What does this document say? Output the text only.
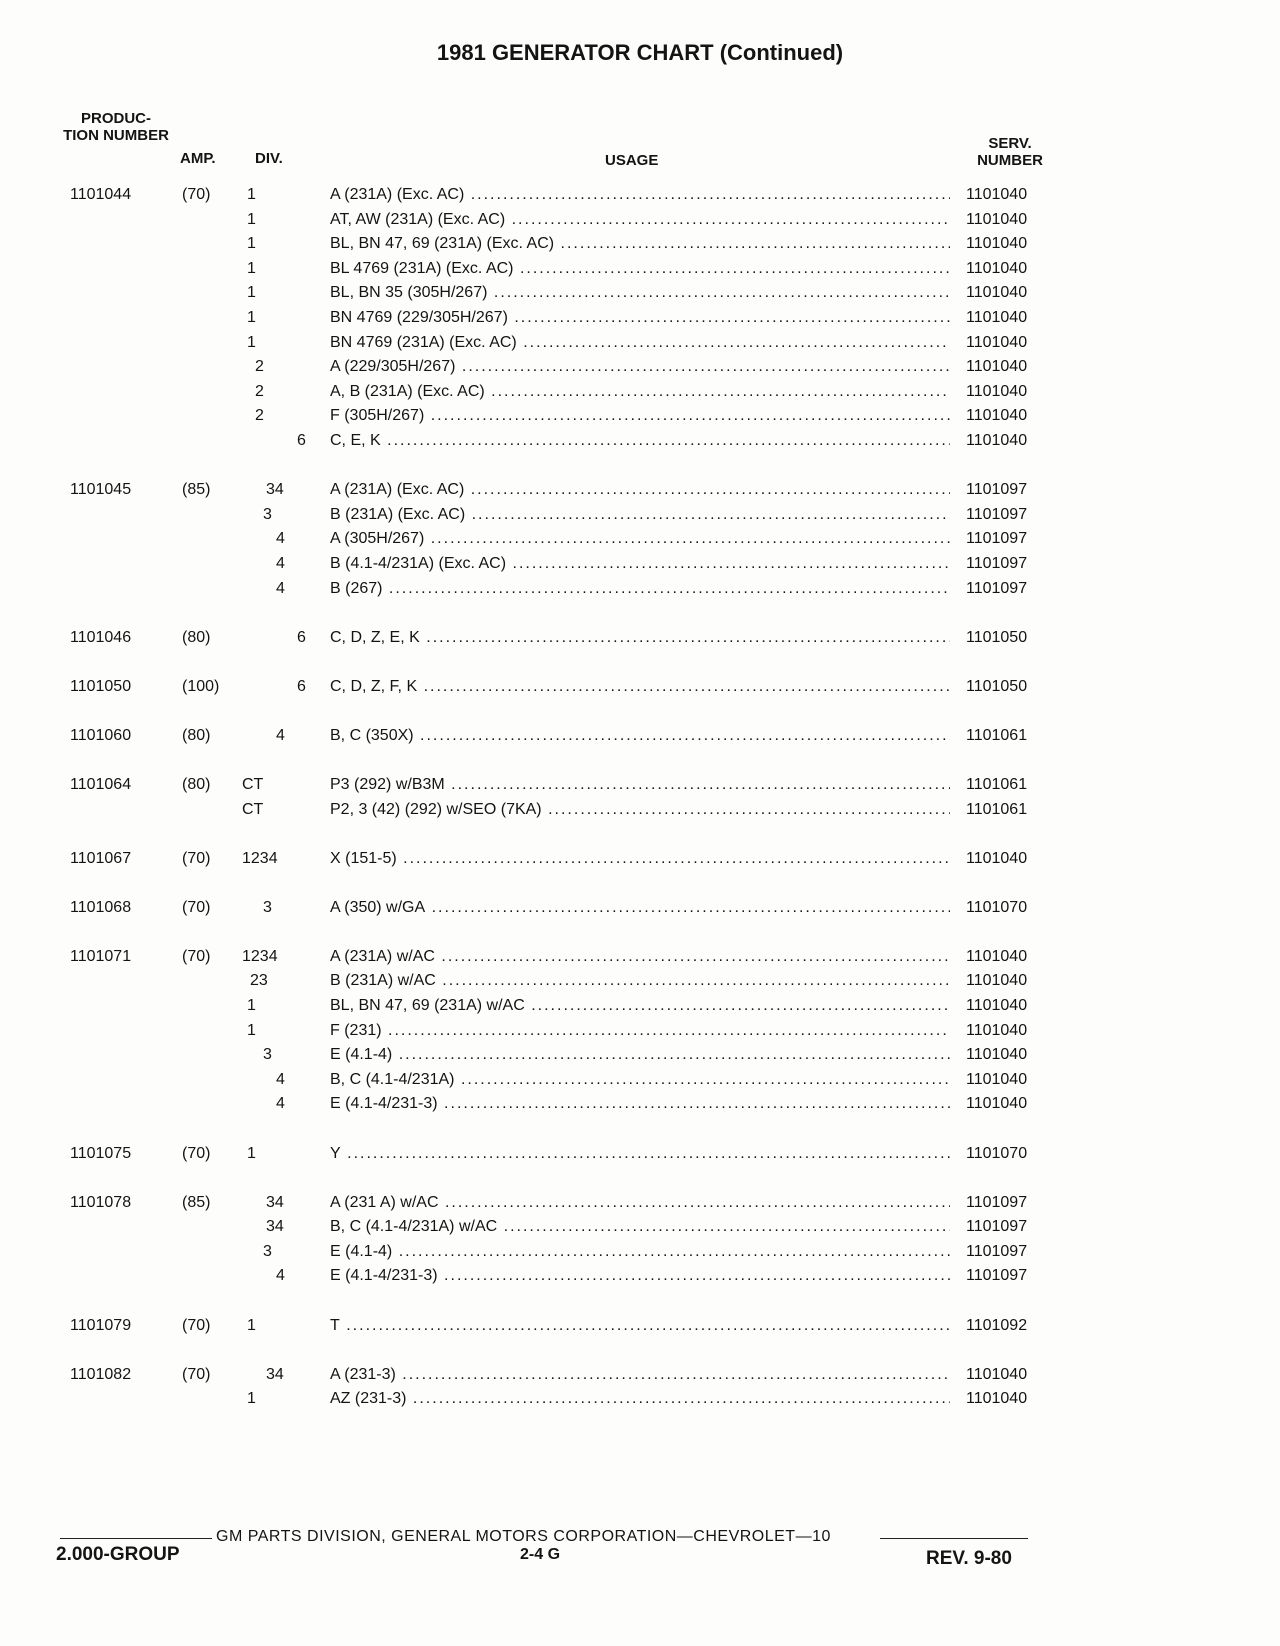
1981 GENERATOR CHART (Continued)
PRODUC- TION NUMBER
AMP.	DIV.	USAGE
SERV. NUMBER
1101044	(70) 1	A (231A) (Exc. AC) .....	1101040
1	AT, AW (231A) (Exc. AC) .....	1101040
1	BL, BN 47, 69 (231A) (Exc. AC) .....	1101040
1	BL 4769 (231A) (Exc. AC) .....	1101040
1	BL, BN 35 (305H/267) .....	1101040
1	BN 4769 (229/305H/267) .....	1101040
1	BN 4769 (231A) (Exc. AC) .....	1101040
2	A (229/305H/267) .....	1101040
2	A, B (231A) (Exc. AC) .....	1101040
2	F (305H/267) .....	1101040
6 C, E, K .....	1101040
1101045	(85)	34	A (231A) (Exc. AC) .....	1101097
3	B (231A) (Exc. AC) .....	1101097
4	A (305H/267) .....	1101097
4	B (4.1-4/231A) (Exc. AC) .....	1101097
4	B (267) .....	1101097
1101046	(80)	6 C, D, Z, E, K .....	1101050
1101050	(100)	6 C, D, Z, F, K .....	1101050
1101060	(80)	4	B, C (350X) .....	1101061
1101064	(80) CT	P3 (292) w/B3M .....	1101061
CT	P2, 3 (42) (292) w/SEO (7KA) .....	1101061
1101067	(70) 1234	X (151-5) .....	1101040
1101068	(70)	3	A (350) w/GA .....	1101070
1101071	(70) 1234	A (231A) w/AC .....	1101040
23	B (231A) w/AC .....	1101040
1	BL, BN 47, 69 (231A) w/AC .....	1101040
1	F (231) .....	1101040
3	E (4.1-4) .....	1101040
4	B, C (4.1-4/231A) .....	1101040
4	E (4.1-4/231-3) .....	1101040
1101075	(70) 1	Y .....	1101070
1101078	(85)	34	A (231 A) w/AC .....	1101097
34	B, C (4.1-4/231A) w/AC .....	1101097
3	E (4.1-4) .....	1101097
4	E (4.1-4/231-3) .....	1101097
1101079	(70) 1	T .....	1101092
1101082	(70)	34	A (231-3) .....	1101040
1	AZ (231-3) .....	1101040
GM PARTS DIVISION, GENERAL MOTORS CORPORATION—CHEVROLET—10
2.000-GROUP	2-4 G	REV. 9-80
